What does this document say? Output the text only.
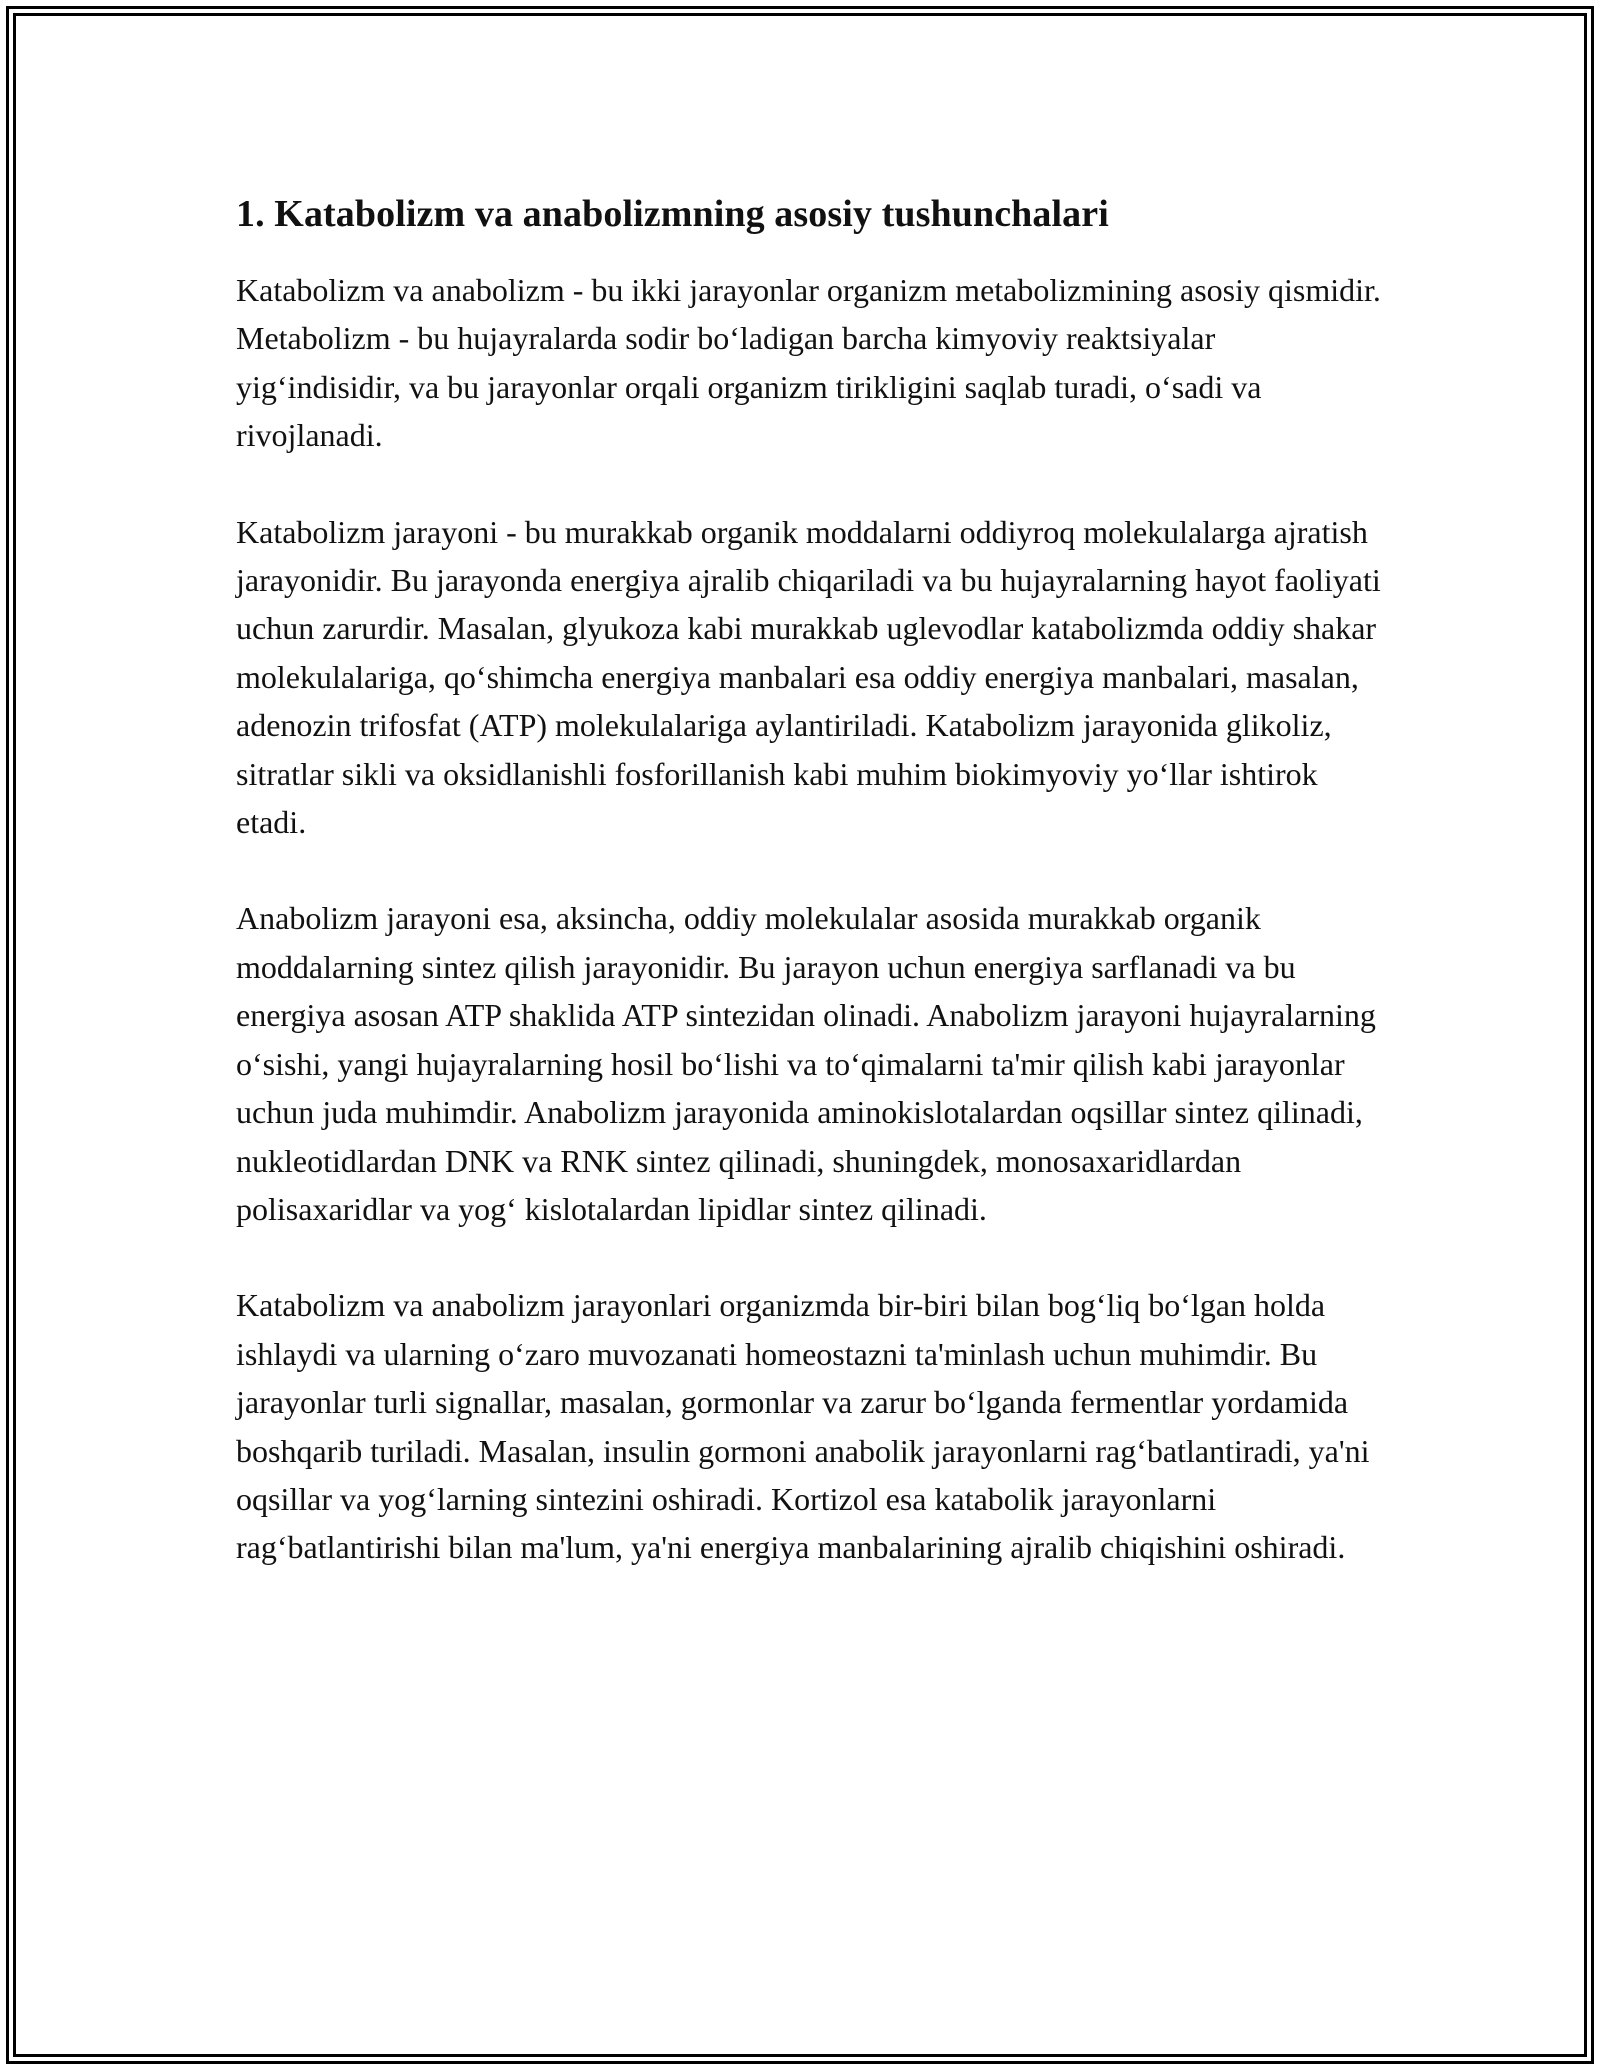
1. Katabolizm va anabolizmning asosiy tushunchalari

Katabolizm va anabolizm - bu ikki jarayonlar organizm metabolizmining asosiy qismidir. Metabolizm - bu hujayralarda sodir bo‘ladigan barcha kimyoviy reaktsiyalar yig‘indisidir, va bu jarayonlar orqali organizm tirikligini saqlab turadi, o‘sadi va rivojlanadi.

Katabolizm jarayoni - bu murakkab organik moddalarni oddiyroq molekulalarga ajratish jarayonidir. Bu jarayonda energiya ajralib chiqariladi va bu hujayralarning hayot faoliyati uchun zarurdir. Masalan, glyukoza kabi murakkab uglevodlar katabolizmda oddiy shakar molekulalariga, qo‘shimcha energiya manbalari esa oddiy energiya manbalari, masalan, adenozin trifosfat (ATP) molekulalariga aylantiriladi. Katabolizm jarayonida glikoliz, sitratlar sikli va oksidlanishli fosforillanish kabi muhim biokimyoviy yo‘llar ishtirok etadi.

Anabolizm jarayoni esa, aksincha, oddiy molekulalar asosida murakkab organik moddalarning sintez qilish jarayonidir. Bu jarayon uchun energiya sarflanadi va bu energiya asosan ATP shaklida ATP sintezidan olinadi. Anabolizm jarayoni hujayralarning o‘sishi, yangi hujayralarning hosil bo‘lishi va to‘qimalarni ta'mir qilish kabi jarayonlar uchun juda muhimdir. Anabolizm jarayonida aminokislotalardan oqsillar sintez qilinadi, nukleotidlardan DNK va RNK sintez qilinadi, shuningdek, monosaxaridlardan polisaxaridlar va yog‘ kislotalardan lipidlar sintez qilinadi.

Katabolizm va anabolizm jarayonlari organizmda bir-biri bilan bog‘liq bo‘lgan holda ishlaydi va ularning o‘zaro muvozanati homeostazni ta'minlash uchun muhimdir. Bu jarayonlar turli signallar, masalan, gormonlar va zarur bo‘lganda fermentlar yordamida boshqarib turiladi. Masalan, insulin gormoni anabolik jarayonlarni rag‘batlantiradi, ya'ni oqsillar va yog‘larning sintezini oshiradi. Kortizol esa katabolik jarayonlarni rag‘batlantirishi bilan ma'lum, ya'ni energiya manbalarining ajralib chiqishini oshiradi.
